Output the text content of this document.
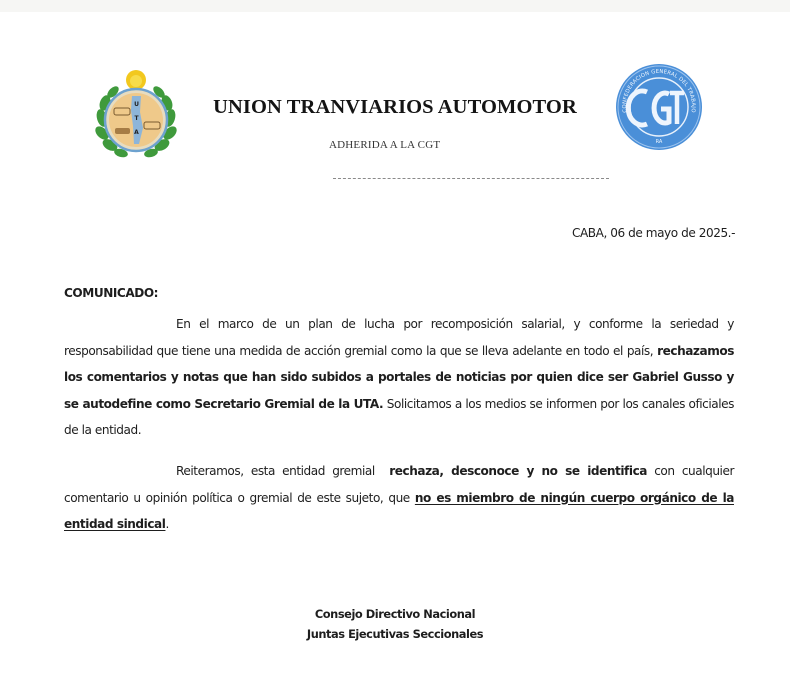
U
T
A
CONFEDERACION GENERAL DEL TRABAJO
RA
UNION TRANVIARIOS AUTOMOTOR
ADHERIDA A LA CGT
CABA, 06 de mayo de 2025.-
COMUNICADO:
En el marco de un plan de lucha por recomposición salarial, y conforme la seriedad y responsabilidad que tiene una medida de acción gremial como la que se lleva adelante en todo el país, rechazamos los comentarios y notas que han sido subidos a portales de noticias por quien dice ser Gabriel Gusso y se autodefine como Secretario Gremial de la UTA. Solicitamos a los medios se informen por los canales oficiales de la entidad.
Reiteramos, esta entidad gremial rechaza, desconoce y no se identifica con cualquier comentario u opinión política o gremial de este sujeto, que no es miembro de ningún cuerpo orgánico de la entidad sindical.
Consejo Directivo Nacional
Juntas Ejecutivas Seccionales
